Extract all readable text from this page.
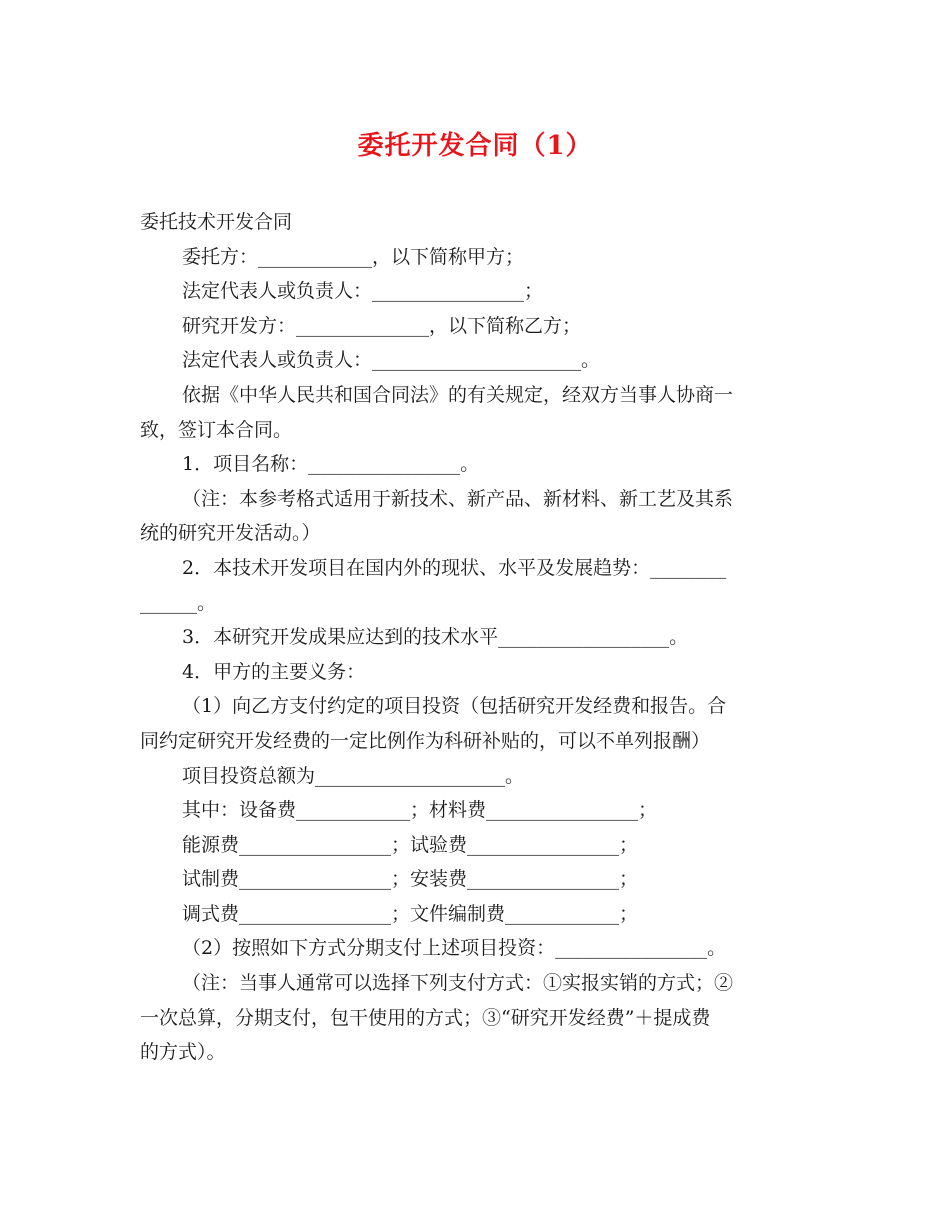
委托开发合同（1）
委托技术开发合同
委托方：____________，以下简称甲方；
法定代表人或负责人：________________；
研究开发方：______________，以下简称乙方；
法定代表人或负责人：______________________。
依据《中华人民共和国合同法》的有关规定，经双方当事人协商一
致，签订本合同。
1．项目名称：________________。
（注：本参考格式适用于新技术、新产品、新材料、新工艺及其系
统的研究开发活动。）
2．本技术开发项目在国内外的现状、水平及发展趋势：________
______。
3．本研究开发成果应达到的技术水平__________________。
4．甲方的主要义务：
（1）向乙方支付约定的项目投资（包括研究开发经费和报告。合
同约定研究开发经费的一定比例作为科研补贴的，可以不单列报酬）
项目投资总额为____________________。
其中：设备费____________；材料费________________；
能源费________________；试验费________________；
试制费________________；安装费________________；
调式费________________；文件编制费____________；
（2）按照如下方式分期支付上述项目投资：________________。
（注：当事人通常可以选择下列支付方式：①实报实销的方式；②
一次总算，分期支付，包干使用的方式；③“研究开发经费”＋提成费
的方式）。
